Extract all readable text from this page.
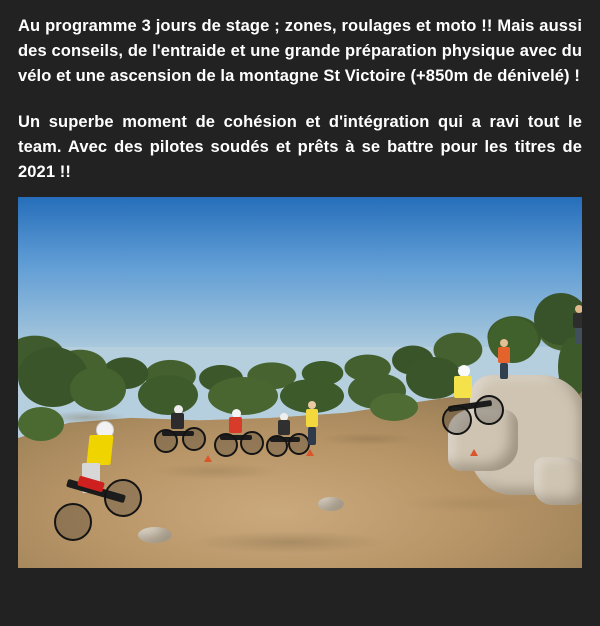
Au programme 3 jours de stage ; zones, roulages et moto !! Mais aussi des conseils, de l'entraide et une grande préparation physique avec du vélo et une ascension de la montagne St Victoire (+850m de dénivelé) !

Un superbe moment de cohésion et d'intégration qui a ravi tout le team. Avec des pilotes soudés et prêts à se battre pour les titres de 2021 !!
